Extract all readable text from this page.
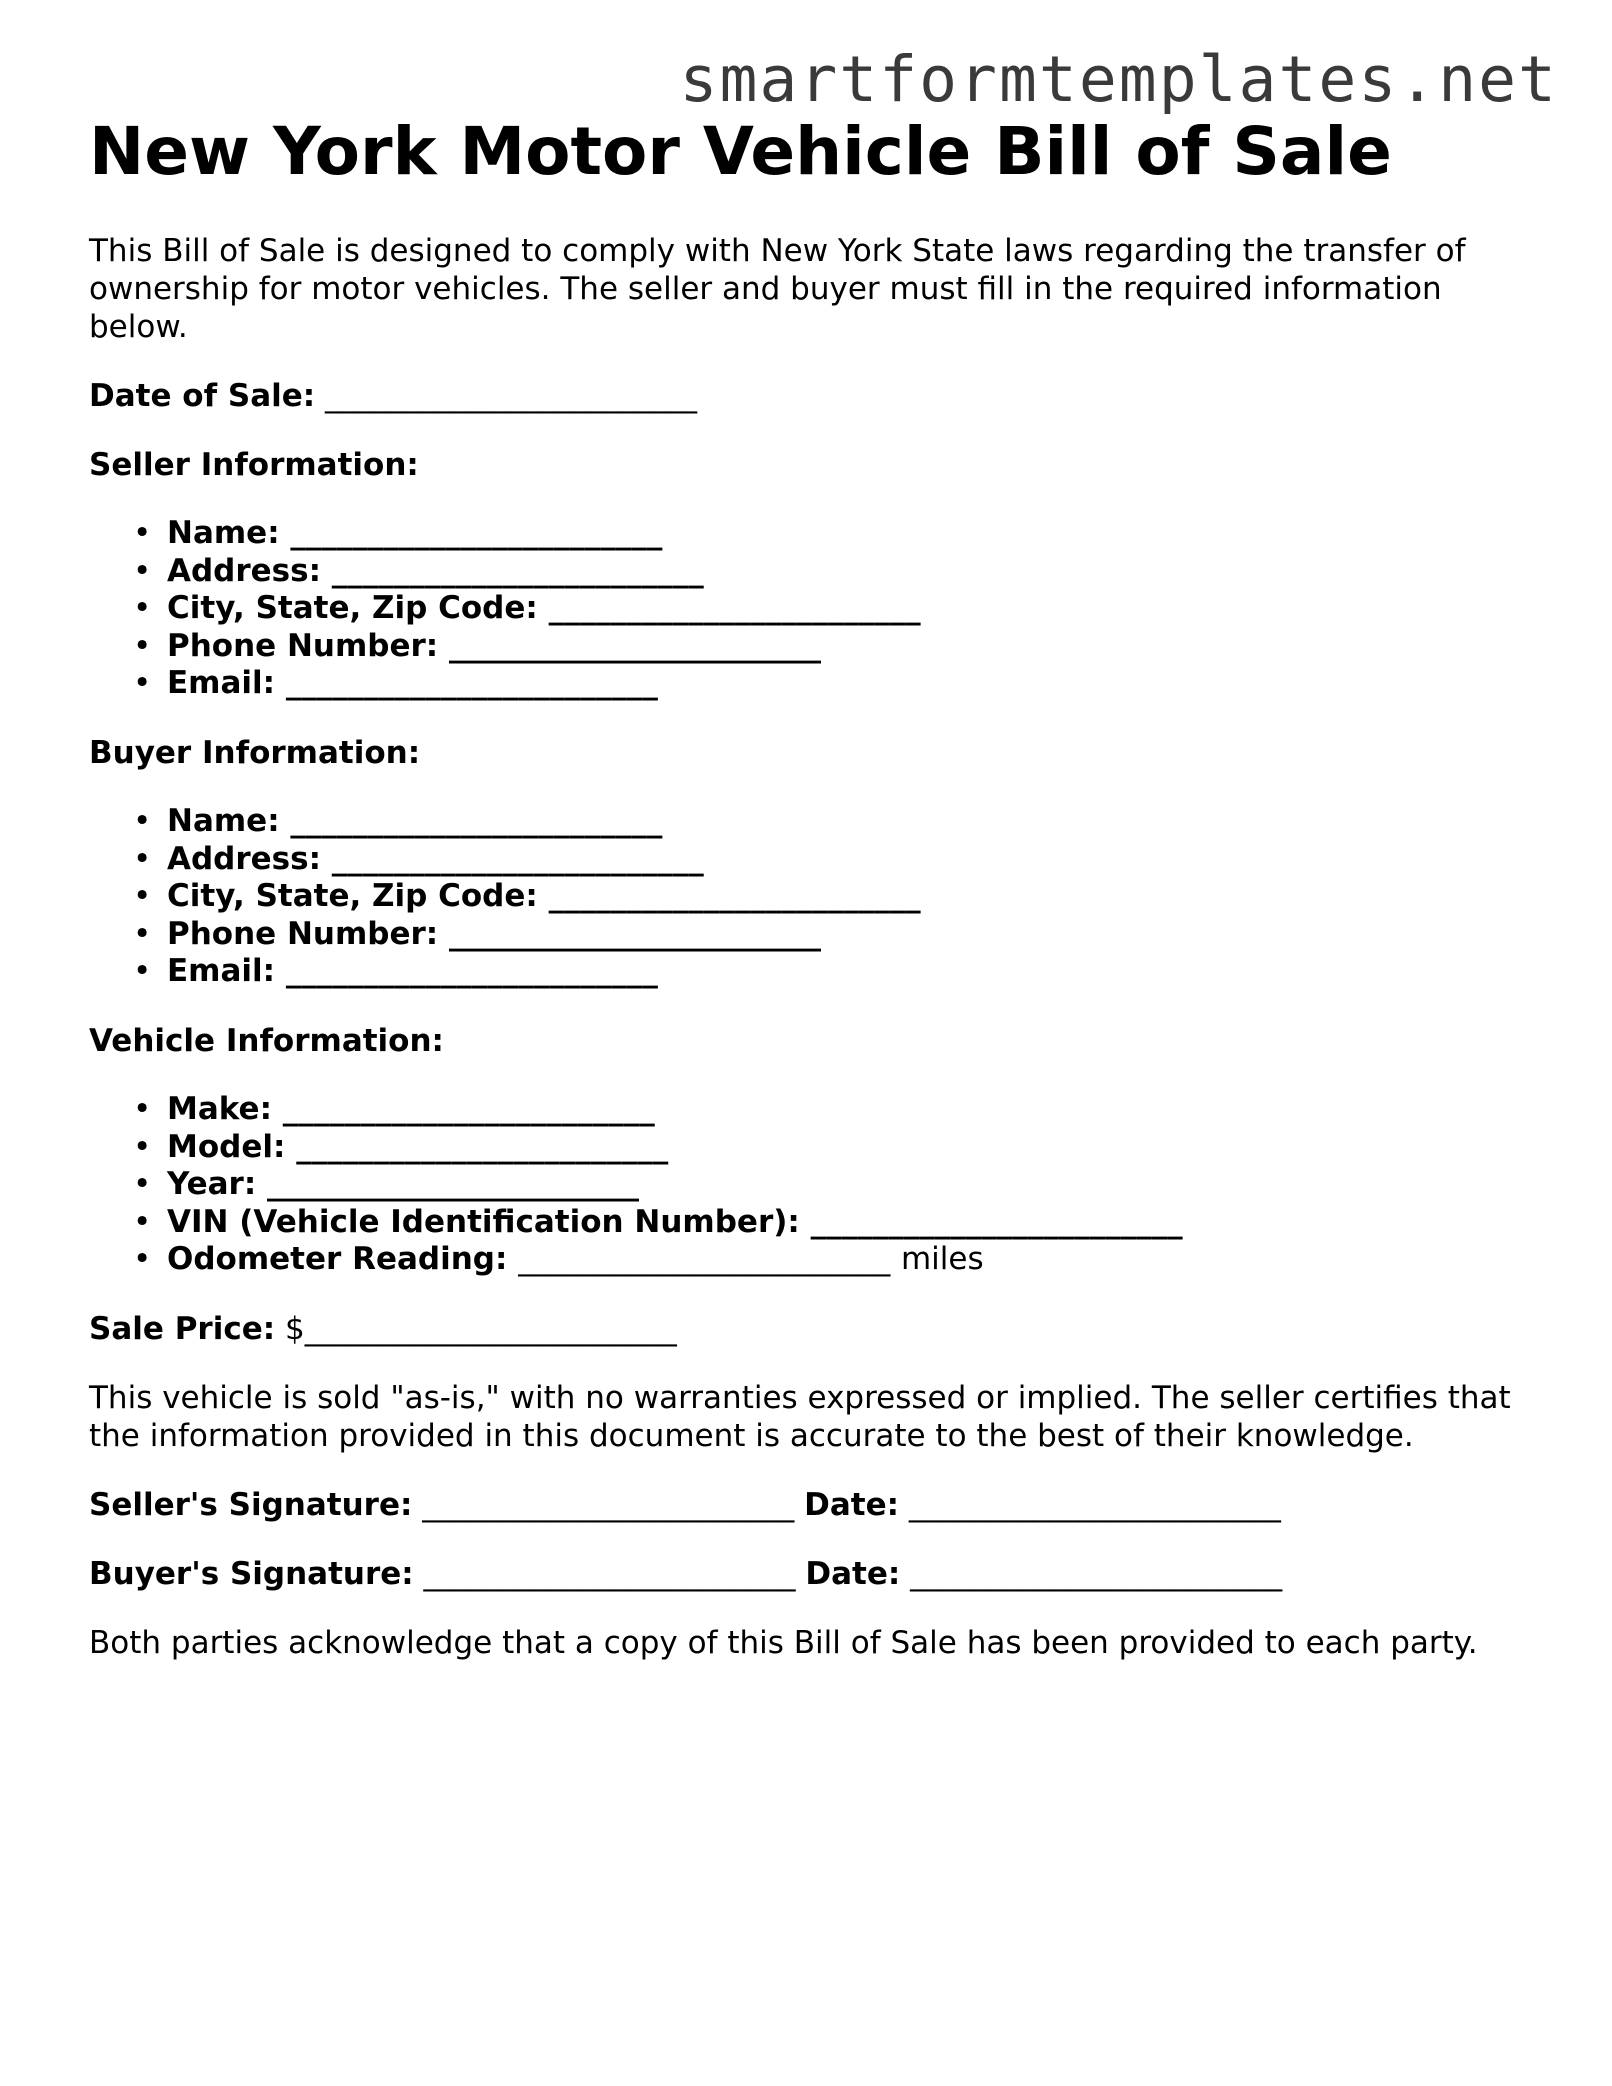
smartformtemplates.net
New York Motor Vehicle Bill of Sale

This Bill of Sale is designed to comply with New York State laws regarding the transfer of ownership for motor vehicles. The seller and buyer must fill in the required information below.

Date of Sale: ________________________
Seller Information:
• Name: ________________________
• Address: ________________________
• City, State, Zip Code: ________________________
• Phone Number: ________________________
• Email: ________________________
Buyer Information:
• Name: ________________________
• Address: ________________________
• City, State, Zip Code: ________________________
• Phone Number: ________________________
• Email: ________________________
Vehicle Information:
• Make: ________________________
• Model: ________________________
• Year: ________________________
• VIN (Vehicle Identification Number): ________________________
• Odometer Reading: ________________________ miles
Sale Price: $________________________

This vehicle is sold "as-is," with no warranties expressed or implied. The seller certifies that the information provided in this document is accurate to the best of their knowledge.

Seller's Signature: ________________________ Date: ________________________
Buyer's Signature: ________________________ Date: ________________________

Both parties acknowledge that a copy of this Bill of Sale has been provided to each party.
